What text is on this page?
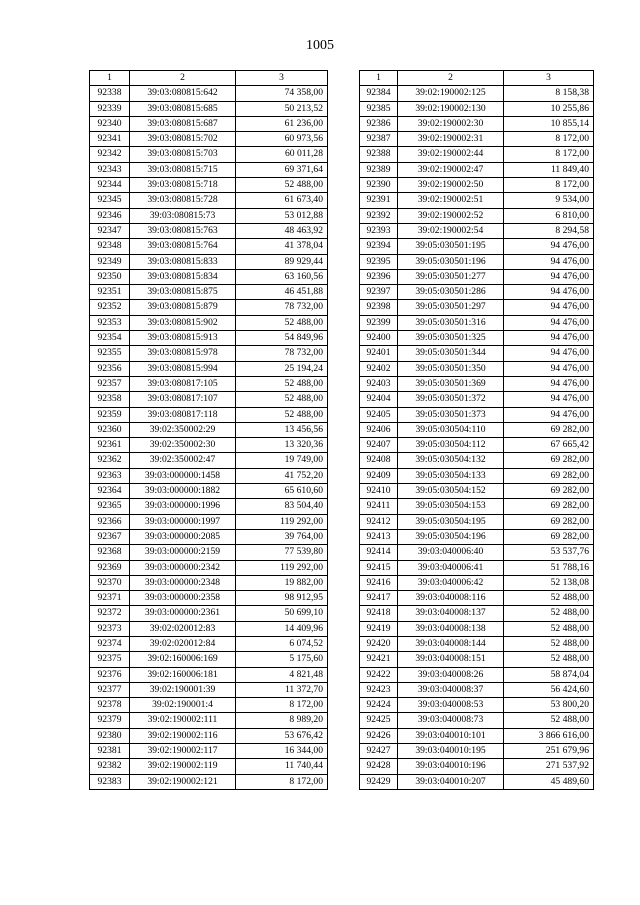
1005
1	2	3
92338	39:03:080815:642	74 358,00
92339	39:03:080815:685	50 213,52
92340	39:03:080815:687	61 236,00
92341	39:03:080815:702	60 973,56
92342	39:03:080815:703	60 011,28
92343	39:03:080815:715	69 371,64
92344	39:03:080815:718	52 488,00
92345	39:03:080815:728	61 673,40
92346	39:03:080815:73	53 012,88
92347	39:03:080815:763	48 463,92
92348	39:03:080815:764	41 378,04
92349	39:03:080815:833	89 929,44
92350	39:03:080815:834	63 160,56
92351	39:03:080815:875	46 451,88
92352	39:03:080815:879	78 732,00
92353	39:03:080815:902	52 488,00
92354	39:03:080815:913	54 849,96
92355	39:03:080815:978	78 732,00
92356	39:03:080815:994	25 194,24
92357	39:03:080817:105	52 488,00
92358	39:03:080817:107	52 488,00
92359	39:03:080817:118	52 488,00
92360	39:02:350002:29	13 456,56
92361	39:02:350002:30	13 320,36
92362	39:02:350002:47	19 749,00
92363	39:03:000000:1458	41 752,20
92364	39:03:000000:1882	65 610,60
92365	39:03:000000:1996	83 504,40
92366	39:03:000000:1997	119 292,00
92367	39:03:000000:2085	39 764,00
92368	39:03:000000:2159	77 539,80
92369	39:03:000000:2342	119 292,00
92370	39:03:000000:2348	19 882,00
92371	39:03:000000:2358	98 912,95
92372	39:03:000000:2361	50 699,10
92373	39:02:020012:83	14 409,96
92374	39:02:020012:84	6 074,52
92375	39:02:160006:169	5 175,60
92376	39:02:160006:181	4 821,48
92377	39:02:190001:39	11 372,70
92378	39:02:190001:4	8 172,00
92379	39:02:190002:111	8 989,20
92380	39:02:190002:116	53 676,42
92381	39:02:190002:117	16 344,00
92382	39:02:190002:119	11 740,44
92383	39:02:190002:121	8 172,00
1	2	3
92384	39:02:190002:125	8 158,38
92385	39:02:190002:130	10 255,86
92386	39:02:190002:30	10 855,14
92387	39:02:190002:31	8 172,00
92388	39:02:190002:44	8 172,00
92389	39:02:190002:47	11 849,40
92390	39:02:190002:50	8 172,00
92391	39:02:190002:51	9 534,00
92392	39:02:190002:52	6 810,00
92393	39:02:190002:54	8 294,58
92394	39:05:030501:195	94 476,00
92395	39:05:030501:196	94 476,00
92396	39:05:030501:277	94 476,00
92397	39:05:030501:286	94 476,00
92398	39:05:030501:297	94 476,00
92399	39:05:030501:316	94 476,00
92400	39:05:030501:325	94 476,00
92401	39:05:030501:344	94 476,00
92402	39:05:030501:350	94 476,00
92403	39:05:030501:369	94 476,00
92404	39:05:030501:372	94 476,00
92405	39:05:030501:373	94 476,00
92406	39:05:030504:110	69 282,00
92407	39:05:030504:112	67 665,42
92408	39:05:030504:132	69 282,00
92409	39:05:030504:133	69 282,00
92410	39:05:030504:152	69 282,00
92411	39:05:030504:153	69 282,00
92412	39:05:030504:195	69 282,00
92413	39:05:030504:196	69 282,00
92414	39:03:040006:40	53 537,76
92415	39:03:040006:41	51 788,16
92416	39:03:040006:42	52 138,08
92417	39:03:040008:116	52 488,00
92418	39:03:040008:137	52 488,00
92419	39:03:040008:138	52 488,00
92420	39:03:040008:144	52 488,00
92421	39:03:040008:151	52 488,00
92422	39:03:040008:26	58 874,04
92423	39:03:040008:37	56 424,60
92424	39:03:040008:53	53 800,20
92425	39:03:040008:73	52 488,00
92426	39:03:040010:101	3 866 616,00
92427	39:03:040010:195	251 679,96
92428	39:03:040010:196	271 537,92
92429	39:03:040010:207	45 489,60
